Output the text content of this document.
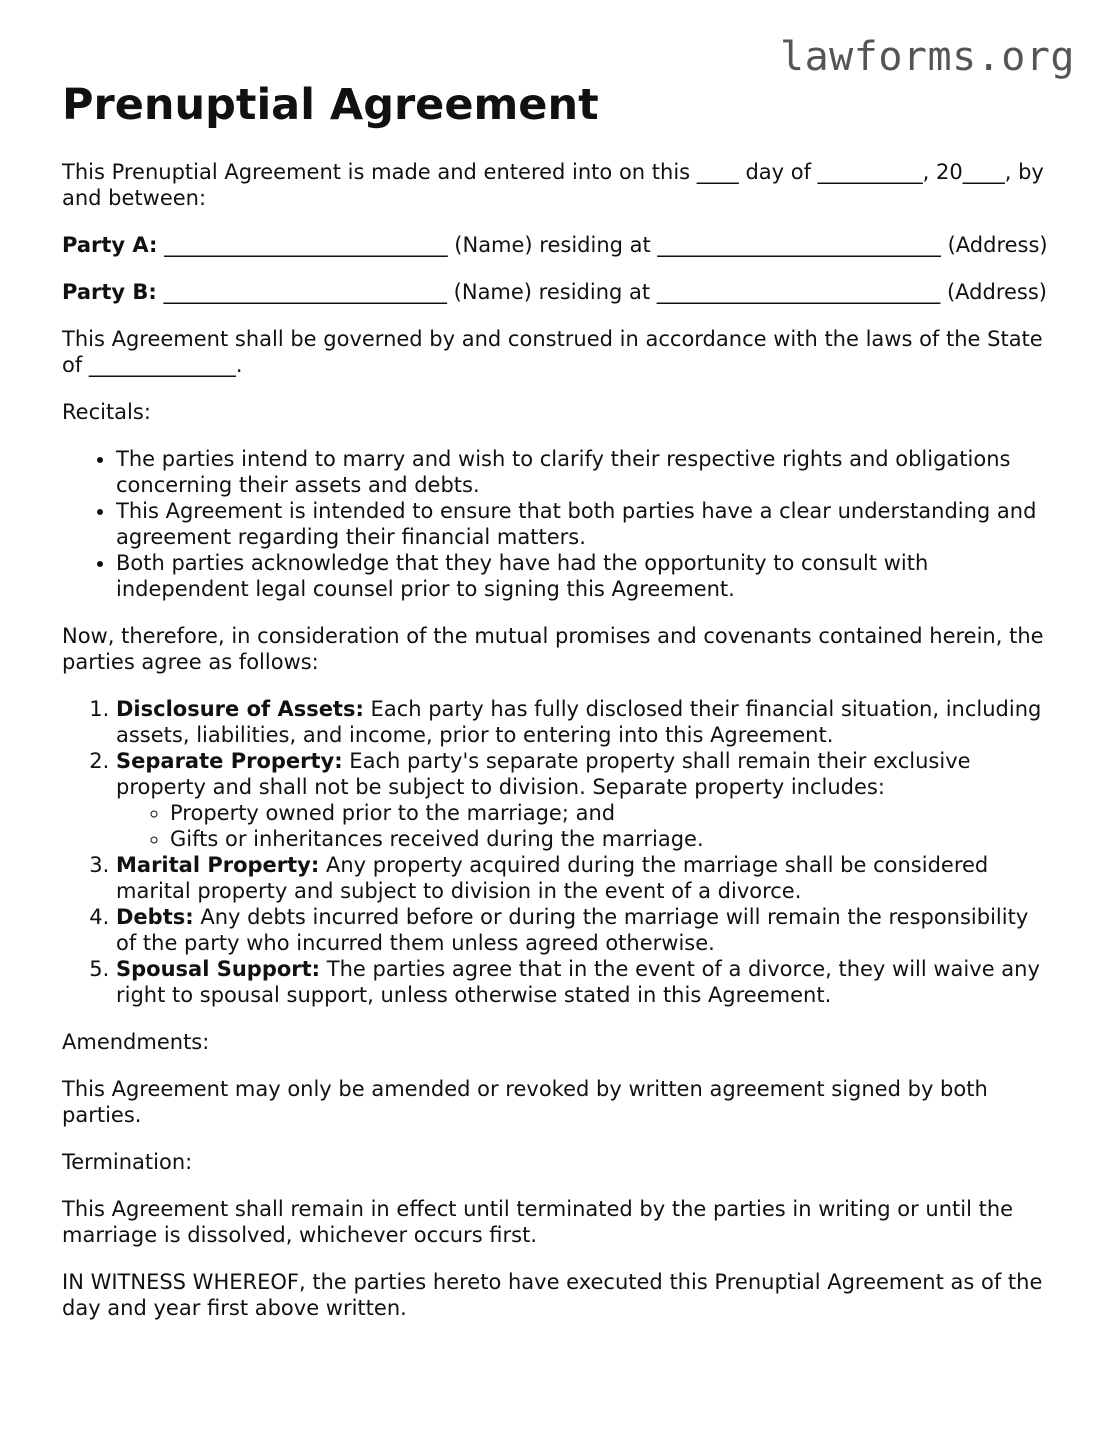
lawforms.org
Prenuptial Agreement

This Prenuptial Agreement is made and entered into on this ____ day of __________, 20____, by and between:

Party A: ___________________________ (Name) residing at ___________________________ (Address)

Party B: ___________________________ (Name) residing at ___________________________ (Address)

This Agreement shall be governed by and construed in accordance with the laws of the State of ______________.

Recitals:

• The parties intend to marry and wish to clarify their respective rights and obligations concerning their assets and debts.
• This Agreement is intended to ensure that both parties have a clear understanding and agreement regarding their financial matters.
• Both parties acknowledge that they have had the opportunity to consult with independent legal counsel prior to signing this Agreement.

Now, therefore, in consideration of the mutual promises and covenants contained herein, the parties agree as follows:

1. Disclosure of Assets: Each party has fully disclosed their financial situation, including assets, liabilities, and income, prior to entering into this Agreement.
2. Separate Property: Each party's separate property shall remain their exclusive property and shall not be subject to division. Separate property includes:
◦ Property owned prior to the marriage; and
◦ Gifts or inheritances received during the marriage.
3. Marital Property: Any property acquired during the marriage shall be considered marital property and subject to division in the event of a divorce.
4. Debts: Any debts incurred before or during the marriage will remain the responsibility of the party who incurred them unless agreed otherwise.
5. Spousal Support: The parties agree that in the event of a divorce, they will waive any right to spousal support, unless otherwise stated in this Agreement.

Amendments:

This Agreement may only be amended or revoked by written agreement signed by both parties.

Termination:

This Agreement shall remain in effect until terminated by the parties in writing or until the marriage is dissolved, whichever occurs first.

IN WITNESS WHEREOF, the parties hereto have executed this Prenuptial Agreement as of the day and year first above written.
